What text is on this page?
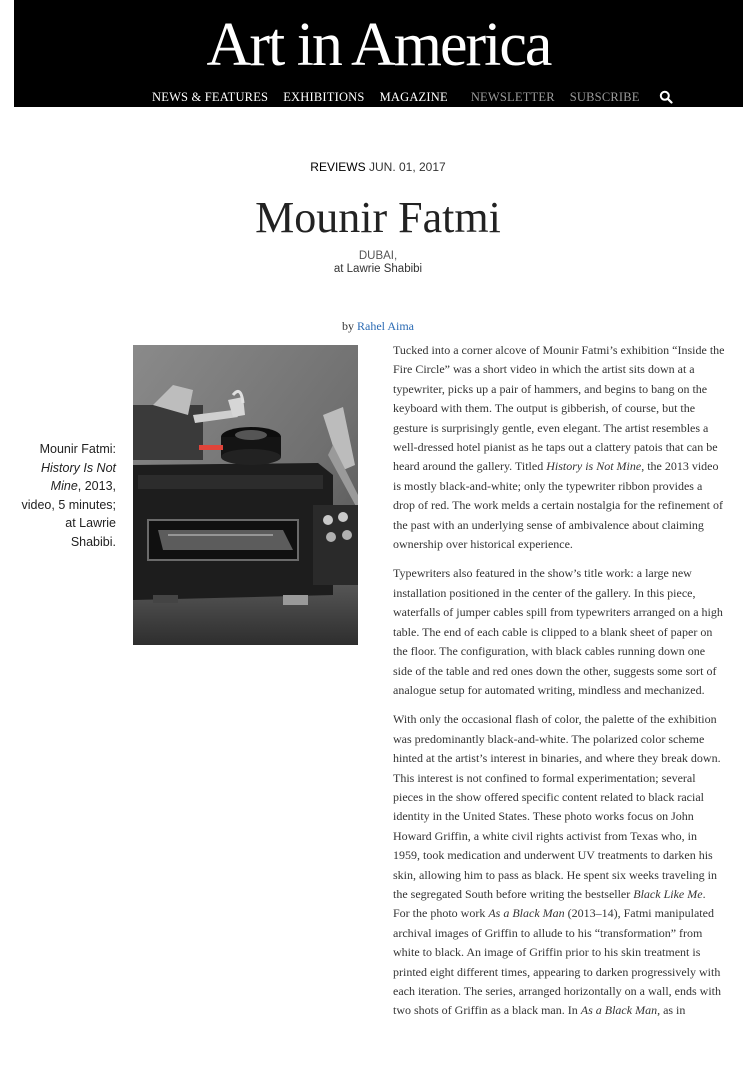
Art in America
NEWS & FEATURES EXHIBITIONS MAGAZINE NEWSLETTER SUBSCRIBE
REVIEWS JUN. 01, 2017
Mounir Fatmi
DUBAI,
at Lawrie Shabibi
by Rahel Aima
Mounir Fatmi: History Is Not Mine, 2013, video, 5 minutes; at Lawrie Shabibi.

Tucked into a corner alcove of Mounir Fatmi’s exhibition “Inside the Fire Circle” was a short video in which the artist sits down at a typewriter, picks up a pair of hammers, and begins to bang on the keyboard with them. The output is gibberish, of course, but the gesture is surprisingly gentle, even elegant. The artist resembles a well-dressed hotel pianist as he taps out a clattery patois that can be heard around the gallery. Titled History is Not Mine, the 2013 video is mostly black-and-white; only the typewriter ribbon provides a drop of red. The work melds a certain nostalgia for the refinement of the past with an underlying sense of ambivalence about claiming ownership over historical experience.

Typewriters also featured in the show’s title work: a large new installation positioned in the center of the gallery. In this piece, waterfalls of jumper cables spill from typewriters arranged on a high table. The end of each cable is clipped to a blank sheet of paper on the floor. The configuration, with black cables running down one side of the table and red ones down the other, suggests some sort of analogue setup for automated writing, mindless and mechanized.

With only the occasional flash of color, the palette of the exhibition was predominantly black-and-white. The polarized color scheme hinted at the artist’s interest in binaries, and where they break down. This interest is not confined to formal experimentation; several pieces in the show offered specific content related to black racial identity in the United States. These photo works focus on John Howard Griffin, a white civil rights activist from Texas who, in 1959, took medication and underwent UV treatments to darken his skin, allowing him to pass as black. He spent six weeks traveling in the segregated South before writing the bestseller Black Like Me. For the photo work As a Black Man (2013–14), Fatmi manipulated archival images of Griffin to allude to his “transformation” from white to black. An image of Griffin prior to his skin treatment is printed eight different times, appearing to darken progressively with each iteration. The series, arranged horizontally on a wall, ends with two shots of Griffin as a black man. In As a Black Man, as in
